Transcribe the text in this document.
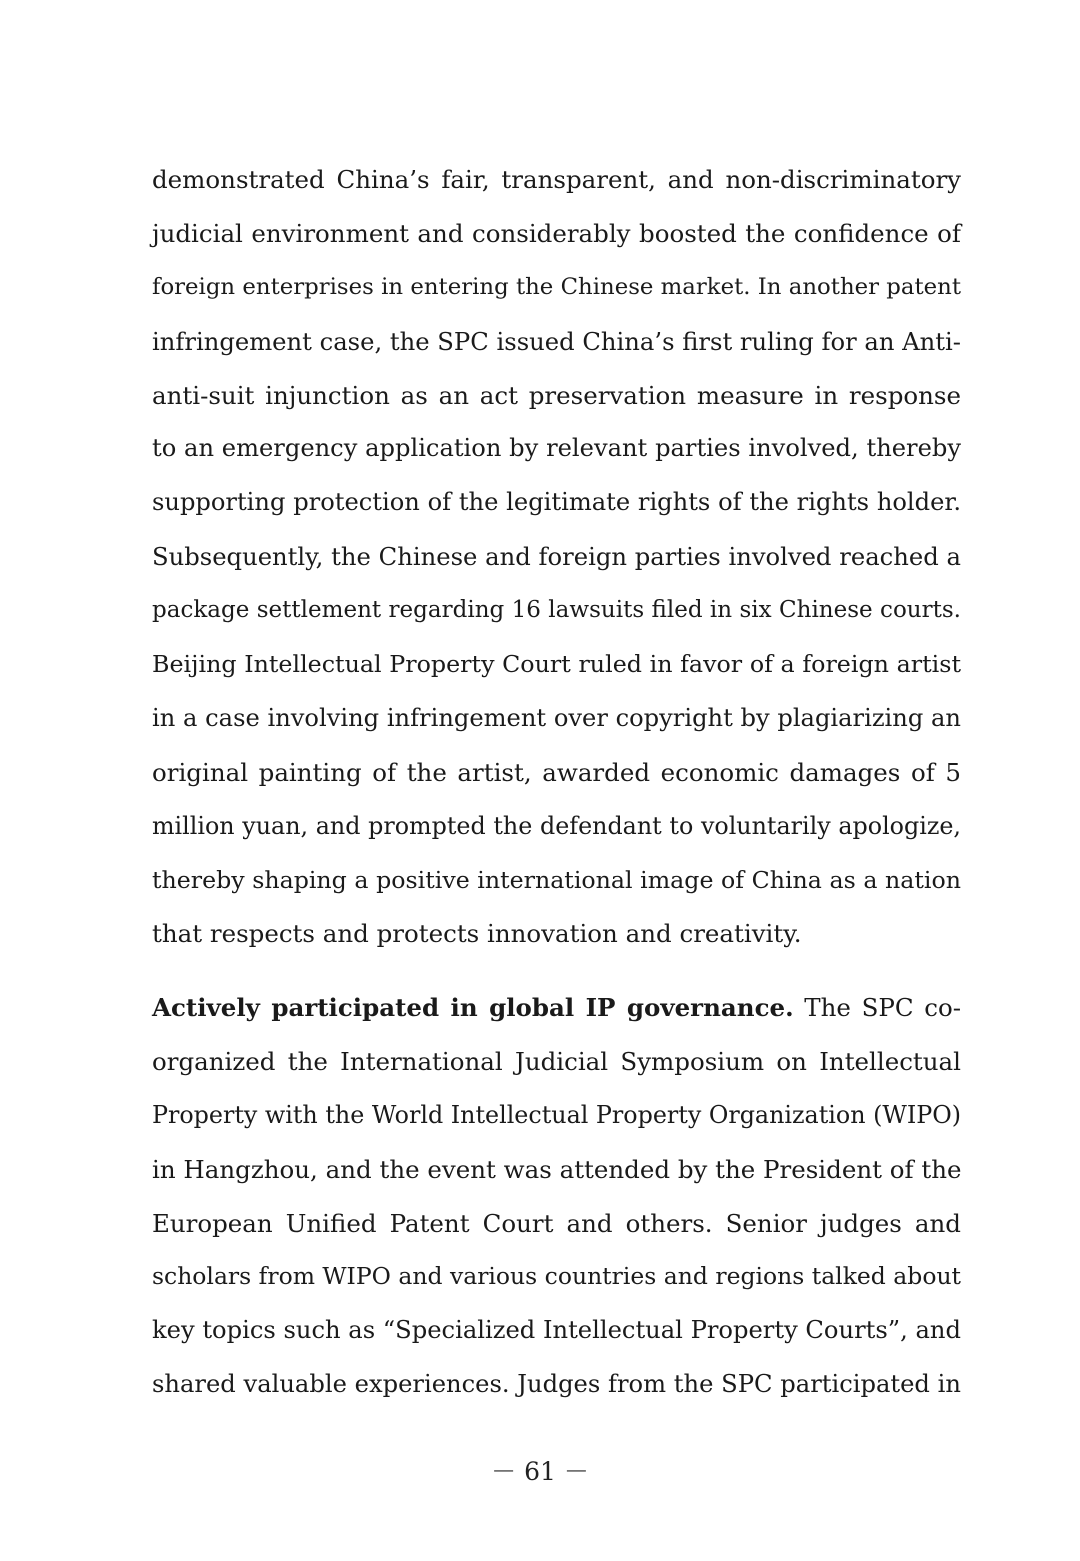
demonstrated China’s fair, transparent, and non-discriminatory
judicial environment and considerably boosted the confidence of
foreign enterprises in entering the Chinese market. In another patent
infringement case, the SPC issued China’s first ruling for an Anti-
anti-suit injunction as an act preservation measure in response
to an emergency application by relevant parties involved, thereby
supporting protection of the legitimate rights of the rights holder.
Subsequently, the Chinese and foreign parties involved reached a
package settlement regarding 16 lawsuits filed in six Chinese courts.
Beijing Intellectual Property Court ruled in favor of a foreign artist
in a case involving infringement over copyright by plagiarizing an
original painting of the artist, awarded economic damages of 5
million yuan, and prompted the defendant to voluntarily apologize,
thereby shaping a positive international image of China as a nation
that respects and protects innovation and creativity.
Actively participated in global IP governance. The SPC co-
organized the International Judicial Symposium on Intellectual
Property with the World Intellectual Property Organization (WIPO)
in Hangzhou, and the event was attended by the President of the
European Unified Patent Court and others. Senior judges and
scholars from WIPO and various countries and regions talked about
key topics such as “Specialized Intellectual Property Courts”, and
shared valuable experiences. Judges from the SPC participated in
－ 61 －
